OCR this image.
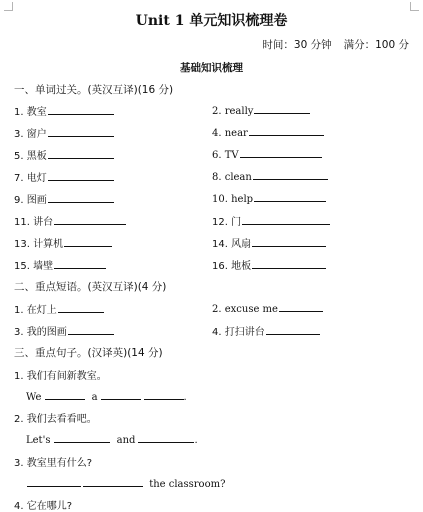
Unit 1 单元知识梳理卷
时间：30 分钟 满分：100 分
基础知识梳理
一、单词过关。(英汉互译)(16 分)
1. 教室	2. really
3. 窗户	4. near
5. 黑板	6. TV
7. 电灯	8. clean
9. 图画	10. help
11. 讲台	12. 门
13. 计算机	14. 风扇
15. 墙壁	16. 地板
二、重点短语。(英汉互译)(4 分)
1. 在灯上	2. excuse me
3. 我的图画	4. 打扫讲台
三、重点句子。(汉译英)(14 分)
1. 我们有间新教室。
We	a	.
2. 我们去看看吧。
Let's	and	.
3. 教室里有什么?
the classroom?
4. 它在哪儿?
